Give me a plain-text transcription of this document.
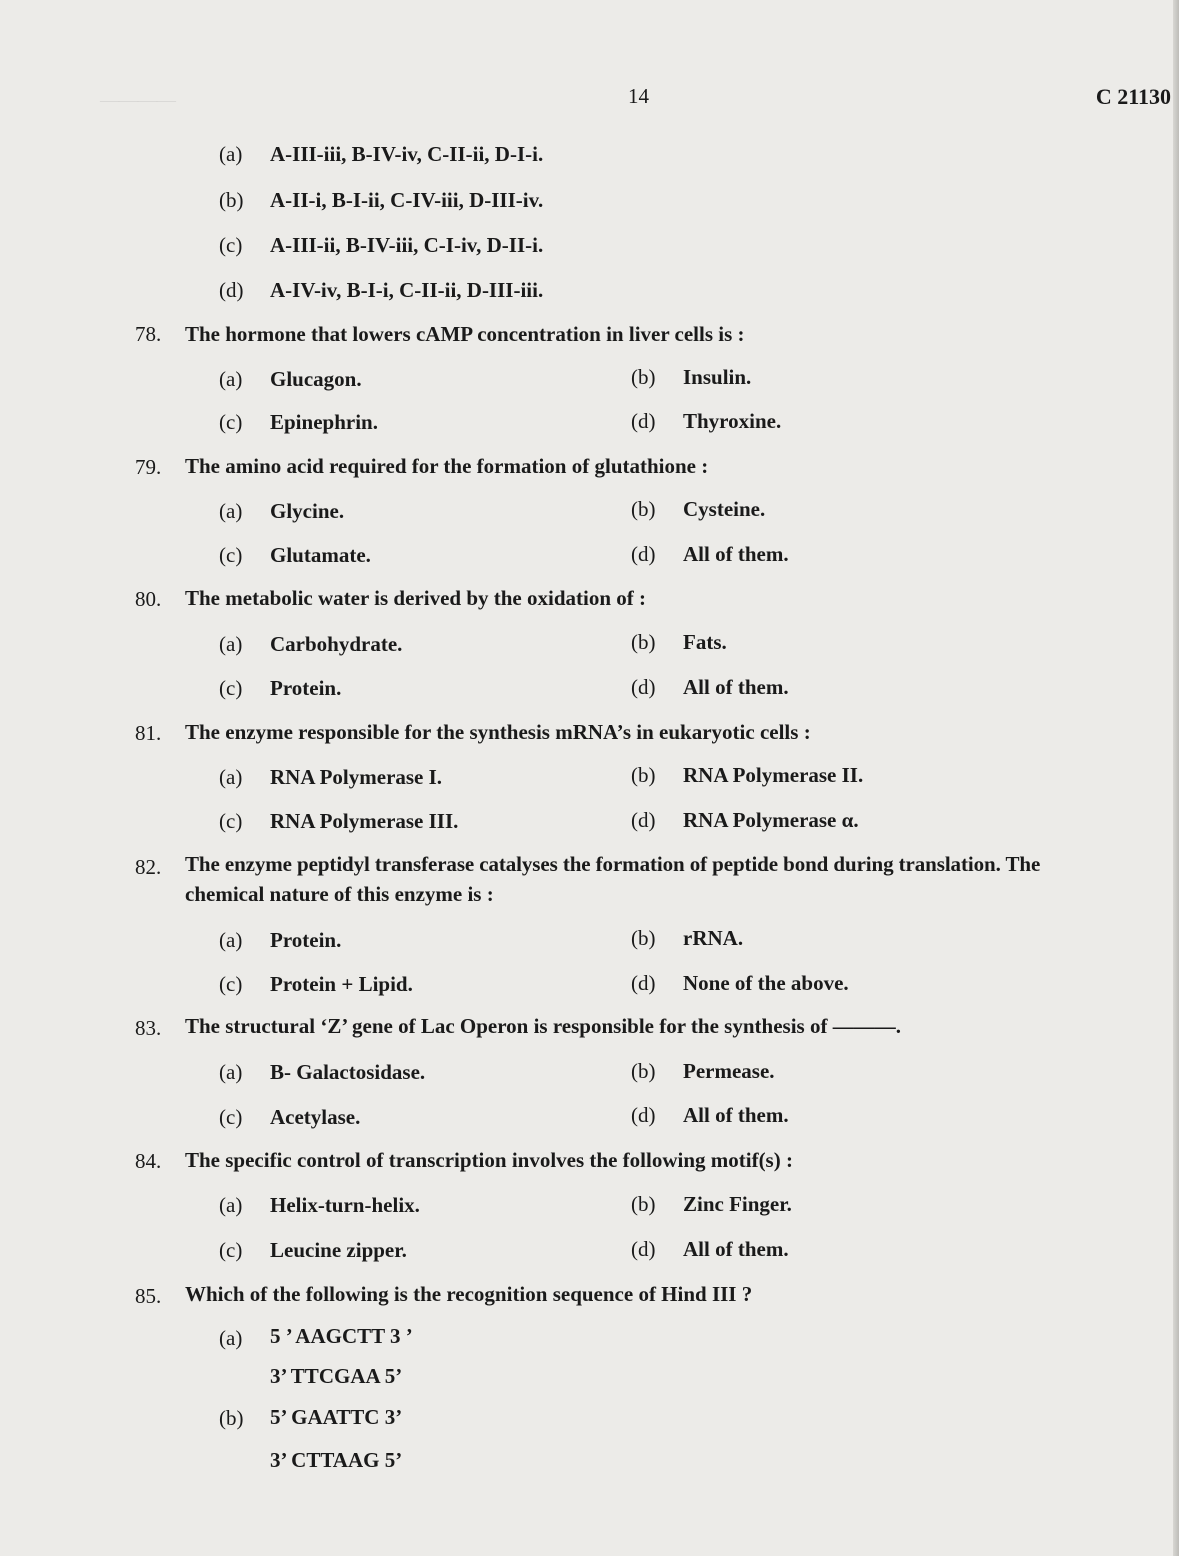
————	14	C 21130
(a) A-III-iii, B-IV-iv, C-II-ii, D-I-i.
(b) A-II-i, B-I-ii, C-IV-iii, D-III-iv.
(c) A-III-ii, B-IV-iii, C-I-iv, D-II-i.
(d) A-IV-iv, B-I-i, C-II-ii, D-III-iii.
78. The hormone that lowers cAMP concentration in liver cells is :
(a) Glucagon.	(b) Insulin.
(c) Epinephrin.	(d) Thyroxine.
79. The amino acid required for the formation of glutathione :
(a) Glycine.	(b) Cysteine.
(c) Glutamate.	(d) All of them.
80. The metabolic water is derived by the oxidation of :
(a) Carbohydrate.	(b) Fats.
(c) Protein.	(d) All of them.
81. The enzyme responsible for the synthesis mRNA’s in eukaryotic cells :
(a) RNA Polymerase I.	(b) RNA Polymerase II.
(c) RNA Polymerase III.	(d) RNA Polymerase α.
82. The enzyme peptidyl transferase catalyses the formation of peptide bond during translation. The
chemical nature of this enzyme is :
(a) Protein.	(b) rRNA.
(c) Protein + Lipid.	(d) None of the above.
83. The structural ‘Z’ gene of Lac Operon is responsible for the synthesis of ———.
(a) B- Galactosidase.	(b) Permease.
(c) Acetylase.	(d) All of them.
84. The specific control of transcription involves the following motif(s) :
(a) Helix-turn-helix.	(b) Zinc Finger.
(c) Leucine zipper.	(d) All of them.
85. Which of the following is the recognition sequence of Hind III ?
(a) 5 ’ AAGCTT 3 ’
3’ TTCGAA 5’
(b) 5’ GAATTC 3’
3’ CTTAAG 5’
